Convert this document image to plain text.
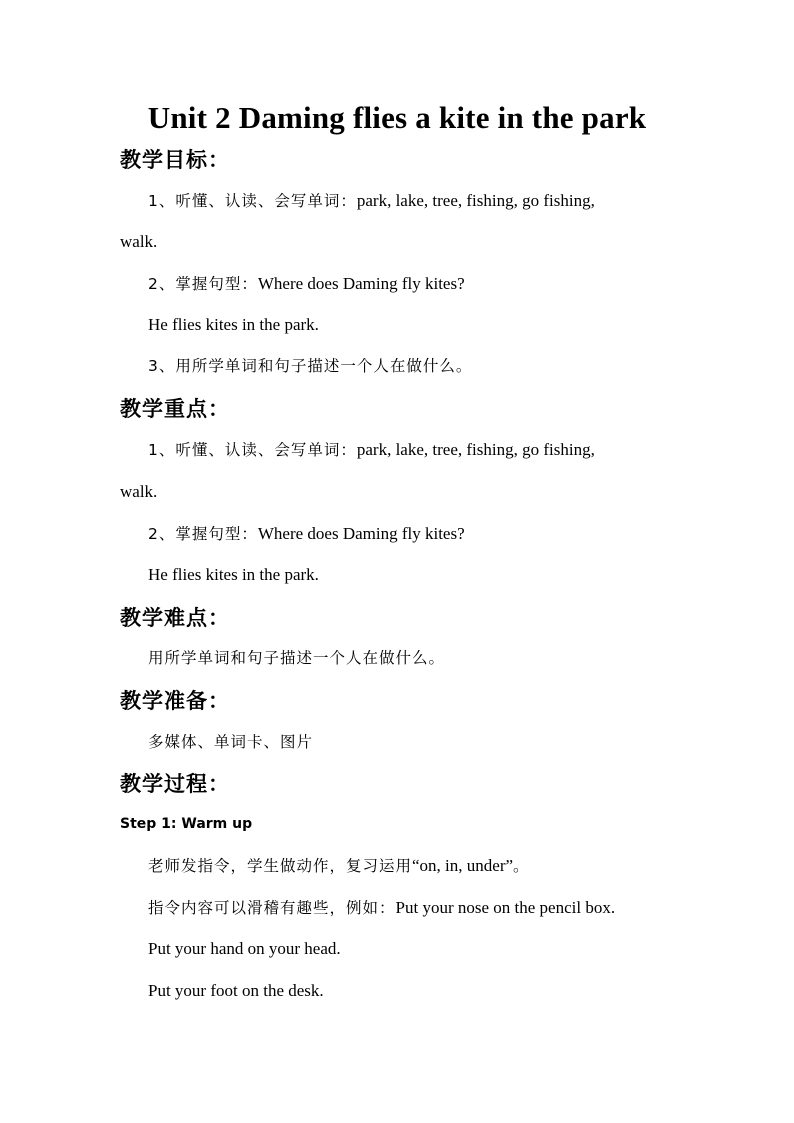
Unit 2 Daming flies a kite in the park
教学目标：
1、听懂、认读、会写单词：park, lake, tree, fishing, go fishing,
walk.
2、掌握句型：Where does Daming fly kites?
He flies kites in the park.
3、用所学单词和句子描述一个人在做什么。
教学重点：
1、听懂、认读、会写单词：park, lake, tree, fishing, go fishing,
walk.
2、掌握句型：Where does Daming fly kites?
He flies kites in the park.
教学难点：
用所学单词和句子描述一个人在做什么。
教学准备：
多媒体、单词卡、图片
教学过程：
Step 1: Warm up
老师发指令，学生做动作，复习运用“on, in, under”。
指令内容可以滑稽有趣些，例如：Put your nose on the pencil box.
Put your hand on your head.
Put your foot on the desk.
